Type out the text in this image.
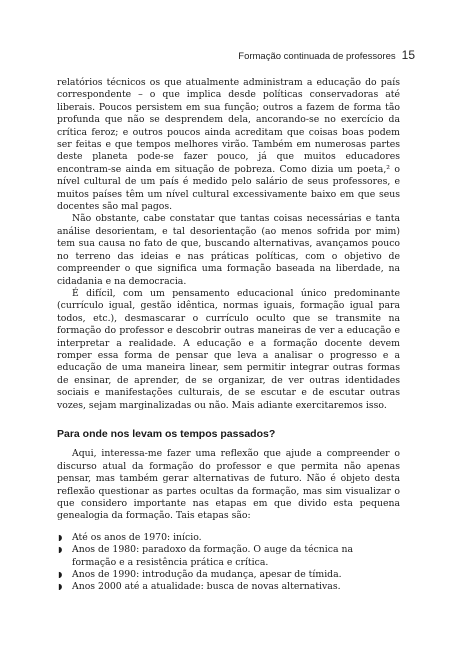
Formação continuada de professores 15

relatórios técnicos os que atualmente administram a educação do país correspondente – o que implica desde políticas conservadoras até liberais. Poucos persistem em sua função; outros a fazem de forma tão profunda que não se desprendem dela, ancorando-se no exercício da crítica feroz; e outros poucos ainda acreditam que coisas boas podem ser feitas e que tempos melhores virão. Também em numerosas partes deste planeta pode-se fazer pouco, já que muitos educadores encontram-se ainda em situação de pobreza. Como dizia um poeta,² o nível cultural de um país é medido pelo salário de seus professores, e muitos países têm um nível cultural excessivamente baixo em que seus docentes são mal pagos.

Não obstante, cabe constatar que tantas coisas necessárias e tanta análise desorientam, e tal desorientação (ao menos sofrida por mim) tem sua causa no fato de que, buscando alternativas, avançamos pouco no terreno das ideias e nas práticas políticas, com o objetivo de compreender o que significa uma formação baseada na liberdade, na cidadania e na democracia.

É difícil, com um pensamento educacional único predominante (currículo igual, gestão idêntica, normas iguais, formação igual para todos, etc.), desmascarar o currículo oculto que se transmite na formação do professor e descobrir outras maneiras de ver a educação e interpretar a realidade. A educação e a formação docente devem romper essa forma de pensar que leva a analisar o progresso e a educação de uma maneira linear, sem permitir integrar outras formas de ensinar, de aprender, de se organizar, de ver outras identidades sociais e manifestações culturais, de se escutar e de escutar outras vozes, sejam marginalizadas ou não. Mais adiante exercitaremos isso.

Para onde nos levam os tempos passados?

Aqui, interessa-me fazer uma reflexão que ajude a compreender o discurso atual da formação do professor e que permita não apenas pensar, mas também gerar alternativas de futuro. Não é objeto desta reflexão questionar as partes ocultas da formação, mas sim visualizar o que considero importante nas etapas em que divido esta pequena genealogia da formação. Tais etapas são:

◗ Até os anos de 1970: início.
◗ Anos de 1980: paradoxo da formação. O auge da técnica na formação e a resistência prática e crítica.
◗ Anos de 1990: introdução da mudança, apesar de tímida.
◗ Anos 2000 até a atualidade: busca de novas alternativas.
